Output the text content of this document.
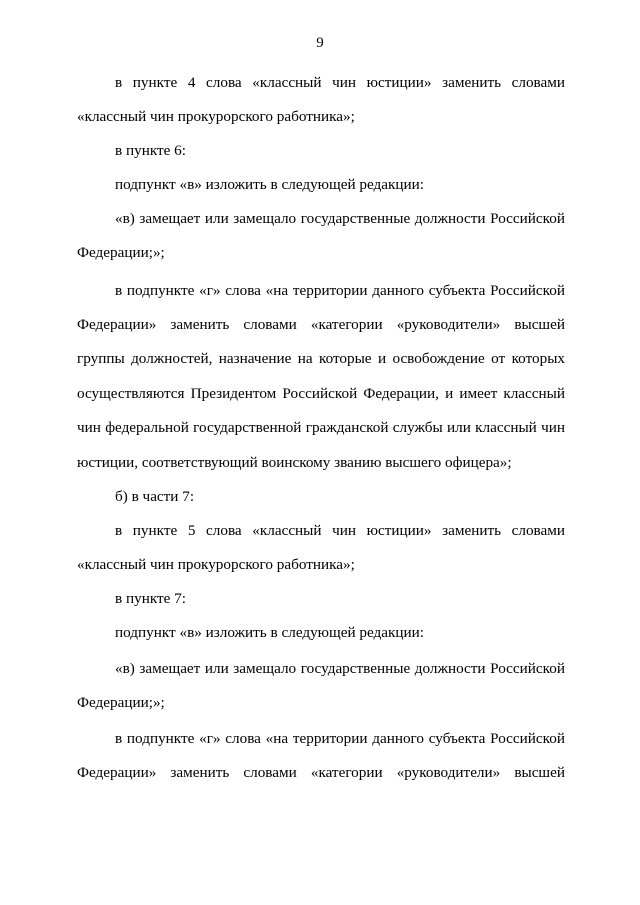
9
в пункте 4 слова «классный чин юстиции» заменить словами
«классный чин прокурорского работника»;
в пункте 6:
подпункт «в» изложить в следующей редакции:
«в) замещает или замещало государственные должности Российской
Федерации;»;
в подпункте «г» слова «на территории данного субъекта Российской
Федерации» заменить словами «категории «руководители» высшей группы должностей, назначение на которые и освобождение от которых осуществляются Президентом Российской Федерации, и имеет классный чин федеральной государственной гражданской службы или классный чин юстиции, соответствующий воинскому званию высшего офицера»;
б) в части 7:
в пункте 5 слова «классный чин юстиции» заменить словами
«классный чин прокурорского работника»;
в пункте 7:
подпункт «в» изложить в следующей редакции:
«в) замещает или замещало государственные должности Российской
Федерации;»;
в подпункте «г» слова «на территории данного субъекта Российской
Федерации» заменить словами «категории «руководители» высшей
